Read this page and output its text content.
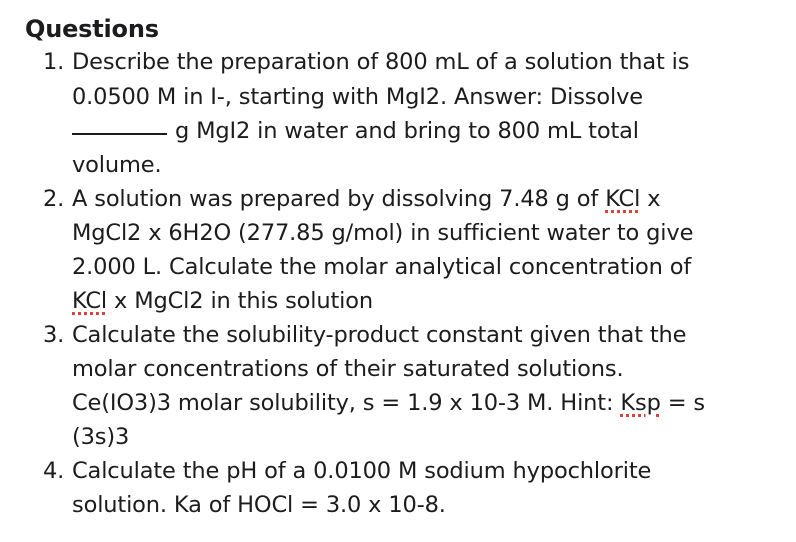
Questions
1. Describe the preparation of 800 mL of a solution that is
0.0500 M in I-, starting with MgI2. Answer: Dissolve
g MgI2 in water and bring to 800 mL total
volume.
2. A solution was prepared by dissolving 7.48 g of KCl x
MgCl2 x 6H2O (277.85 g/mol) in sufficient water to give
2.000 L. Calculate the molar analytical concentration of
KCl x MgCl2 in this solution
3. Calculate the solubility-product constant given that the
molar concentrations of their saturated solutions.
Ce(IO3)3 molar solubility, s = 1.9 x 10-3 M. Hint: Ksp = s
(3s)3
4. Calculate the pH of a 0.0100 M sodium hypochlorite
solution. Ka of HOCl = 3.0 x 10-8.
